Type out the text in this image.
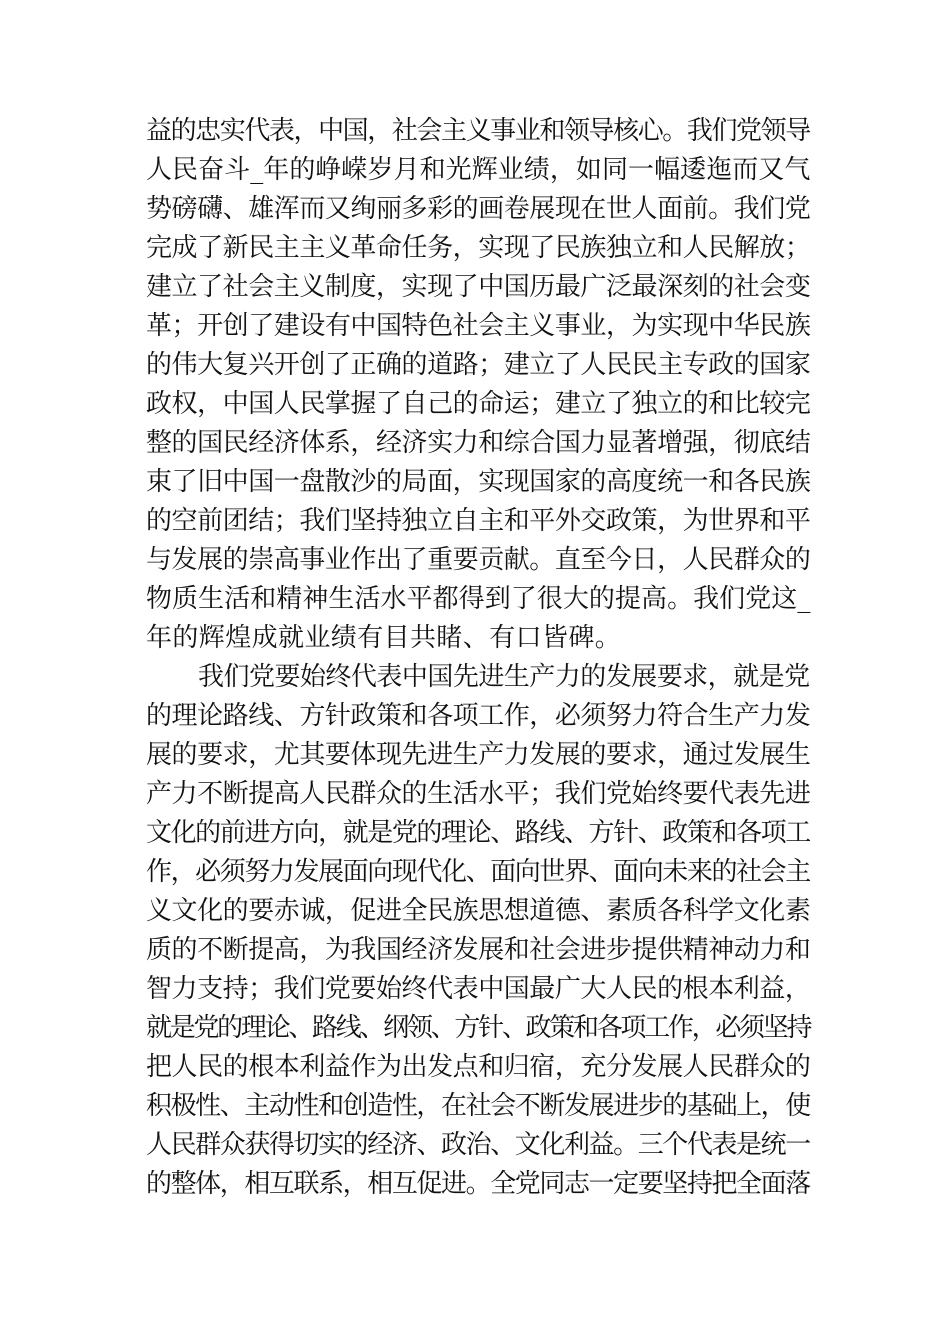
益的忠实代表，中国，社会主义事业和领导核心。我们党领导
人民奋斗_年的峥嵘岁月和光辉业绩，如同一幅逶迤而又气
势磅礴、雄浑而又绚丽多彩的画卷展现在世人面前。我们党
完成了新民主主义革命任务，实现了民族独立和人民解放；
建立了社会主义制度，实现了中国历最广泛最深刻的社会变
革；开创了建设有中国特色社会主义事业，为实现中华民族
的伟大复兴开创了正确的道路；建立了人民民主专政的国家
政权，中国人民掌握了自己的命运；建立了独立的和比较完
整的国民经济体系，经济实力和综合国力显著增强，彻底结
束了旧中国一盘散沙的局面，实现国家的高度统一和各民族
的空前团结；我们坚持独立自主和平外交政策，为世界和平
与发展的崇高事业作出了重要贡献。直至今日，人民群众的
物质生活和精神生活水平都得到了很大的提高。我们党这_
年的辉煌成就业绩有目共睹、有口皆碑。
我们党要始终代表中国先进生产力的发展要求，就是党
的理论路线、方针政策和各项工作，必须努力符合生产力发
展的要求，尤其要体现先进生产力发展的要求，通过发展生
产力不断提高人民群众的生活水平；我们党始终要代表先进
文化的前进方向，就是党的理论、路线、方针、政策和各项工
作，必须努力发展面向现代化、面向世界、面向未来的社会主
义文化的要赤诚，促进全民族思想道德、素质各科学文化素
质的不断提高，为我国经济发展和社会进步提供精神动力和
智力支持；我们党要始终代表中国最广大人民的根本利益，
就是党的理论、路线、纲领、方针、政策和各项工作，必须坚持
把人民的根本利益作为出发点和归宿，充分发展人民群众的
积极性、主动性和创造性，在社会不断发展进步的基础上，使
人民群众获得切实的经济、政治、文化利益。三个代表是统一
的整体，相互联系，相互促进。全党同志一定要坚持把全面落
